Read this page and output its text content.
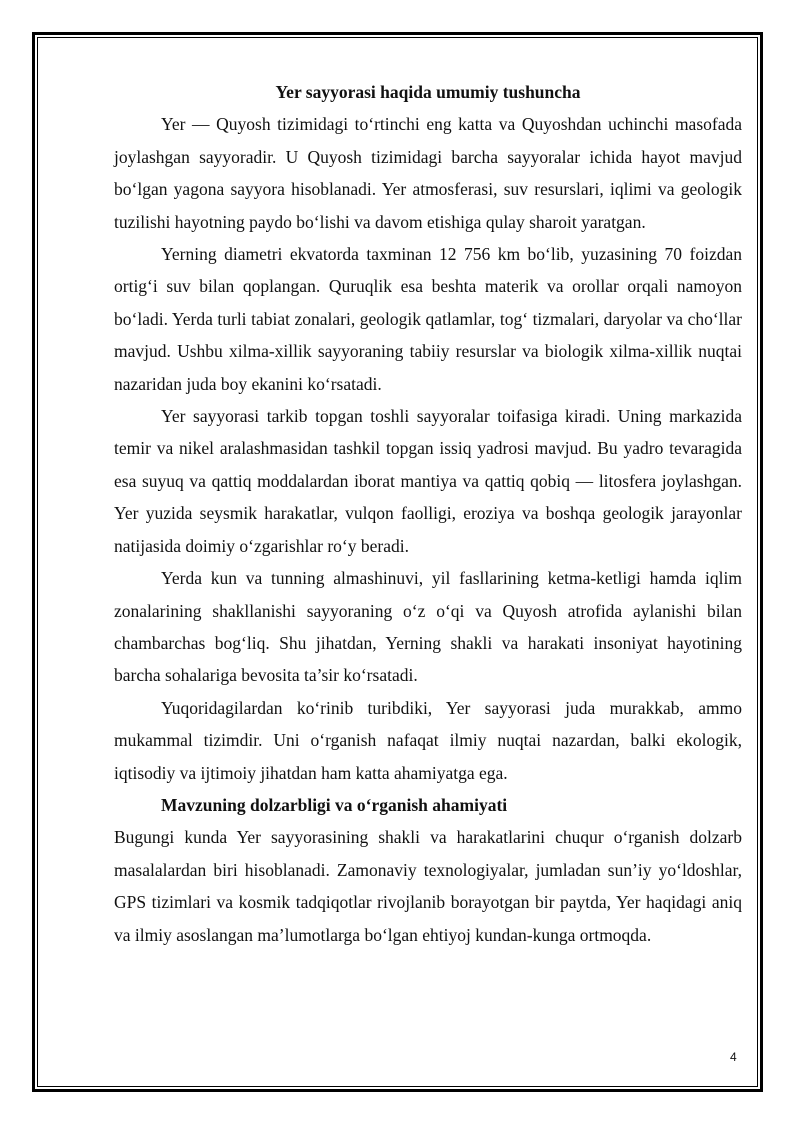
Yer sayyorasi haqida umumiy tushuncha

Yer — Quyosh tizimidagi to‘rtinchi eng katta va Quyoshdan uchinchi masofada joylashgan sayyoradir. U Quyosh tizimidagi barcha sayyoralar ichida hayot mavjud bo‘lgan yagona sayyora hisoblanadi. Yer atmosferasi, suv resurslari, iqlimi va geologik tuzilishi hayotning paydo bo‘lishi va davom etishiga qulay sharoit yaratgan.

Yerning diametri ekvatorda taxminan 12 756 km bo‘lib, yuzasining 70 foizdan ortig‘i suv bilan qoplangan. Quruqlik esa beshta materik va orollar orqali namoyon bo‘ladi. Yerda turli tabiat zonalari, geologik qatlamlar, tog‘ tizmalari, daryolar va cho‘llar mavjud. Ushbu xilma-xillik sayyoraning tabiiy resurslar va biologik xilma-xillik nuqtai nazaridan juda boy ekanini ko‘rsatadi.

Yer sayyorasi tarkib topgan toshli sayyoralar toifasiga kiradi. Uning markazida temir va nikel aralashmasidan tashkil topgan issiq yadrosi mavjud. Bu yadro tevaragida esa suyuq va qattiq moddalardan iborat mantiya va qattiq qobiq — litosfera joylashgan. Yer yuzida seysmik harakatlar, vulqon faolligi, eroziya va boshqa geologik jarayonlar natijasida doimiy o‘zgarishlar ro‘y beradi.

Yerda kun va tunning almashinuvi, yil fasllarining ketma-ketligi hamda iqlim zonalarining shakllanishi sayyoraning o‘z o‘qi va Quyosh atrofida aylanishi bilan chambarchas bog‘liq. Shu jihatdan, Yerning shakli va harakati insoniyat hayotining barcha sohalariga bevosita ta’sir ko‘rsatadi.

Yuqoridagilardan ko‘rinib turibdiki, Yer sayyorasi juda murakkab, ammo mukammal tizimdir. Uni o‘rganish nafaqat ilmiy nuqtai nazardan, balki ekologik, iqtisodiy va ijtimoiy jihatdan ham katta ahamiyatga ega.

Mavzuning dolzarbligi va o‘rganish ahamiyati

Bugungi kunda Yer sayyorasining shakli va harakatlarini chuqur o‘rganish dolzarb masalalardan biri hisoblanadi. Zamonaviy texnologiyalar, jumladan sun’iy yo‘ldoshlar, GPS tizimlari va kosmik tadqiqotlar rivojlanib borayotgan bir paytda, Yer haqidagi aniq va ilmiy asoslangan ma’lumotlarga bo‘lgan ehtiyoj kundan-kunga ortmoqda.

4
